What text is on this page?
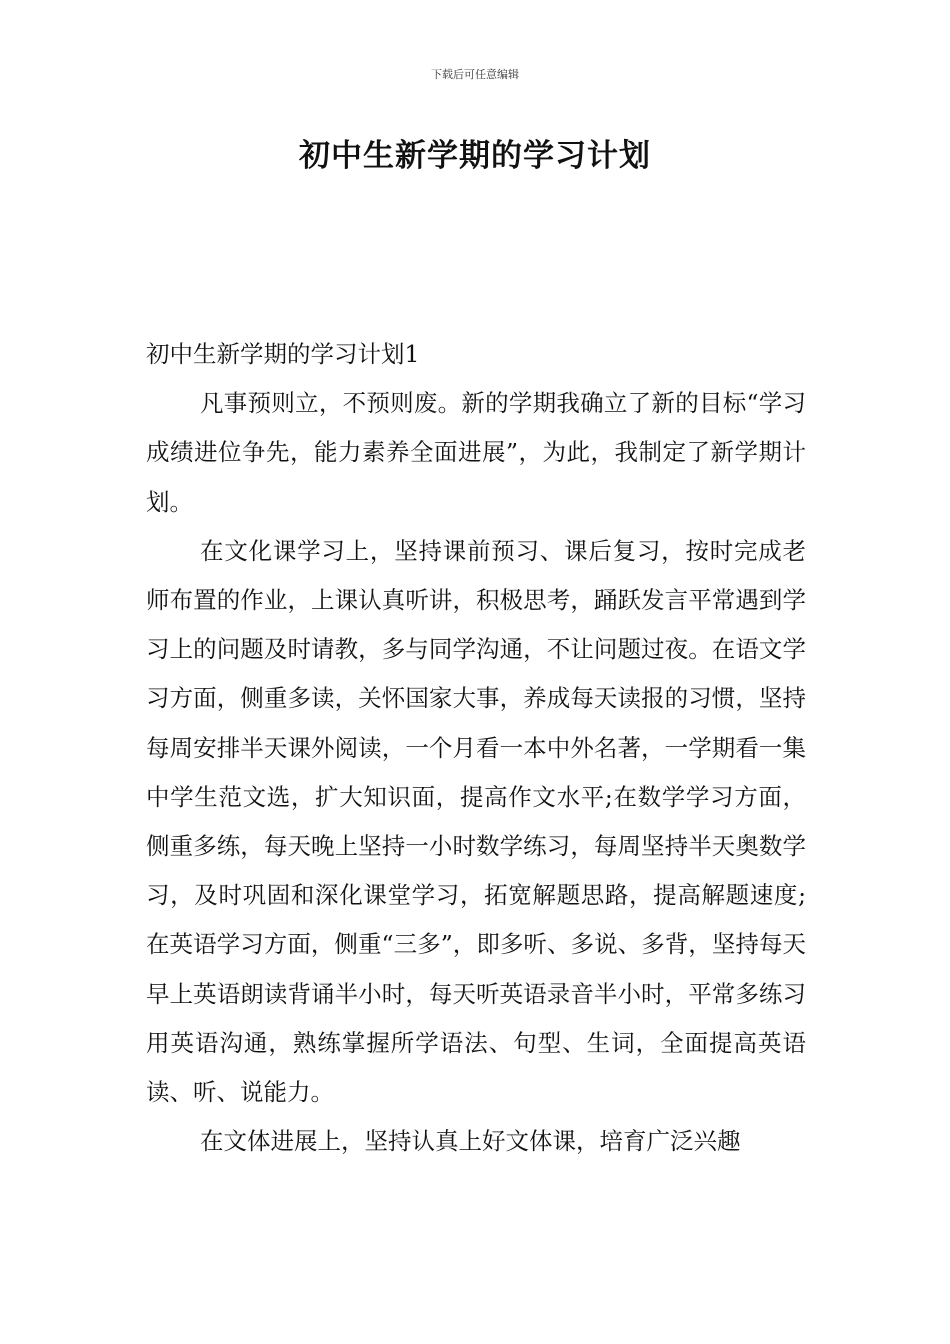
下载后可任意编辑
初中生新学期的学习计划

初中生新学期的学习计划1

凡事预则立，不预则废。新的学期我确立了新的目标“学习成绩进位争先，能力素养全面进展”，为此，我制定了新学期计划。

在文化课学习上，坚持课前预习、课后复习，按时完成老师布置的作业，上课认真听讲，积极思考，踊跃发言平常遇到学习上的问题及时请教，多与同学沟通，不让问题过夜。在语文学习方面，侧重多读，关怀国家大事，养成每天读报的习惯，坚持每周安排半天课外阅读，一个月看一本中外名著，一学期看一集中学生范文选，扩大知识面，提高作文水平;在数学学习方面，侧重多练，每天晚上坚持一小时数学练习，每周坚持半天奥数学习，及时巩固和深化课堂学习，拓宽解题思路，提高解题速度;在英语学习方面，侧重“三多”，即多听、多说、多背，坚持每天早上英语朗读背诵半小时，每天听英语录音半小时，平常多练习用英语沟通，熟练掌握所学语法、句型、生词，全面提高英语读、听、说能力。

在文体进展上，坚持认真上好文体课，培育广泛兴趣
